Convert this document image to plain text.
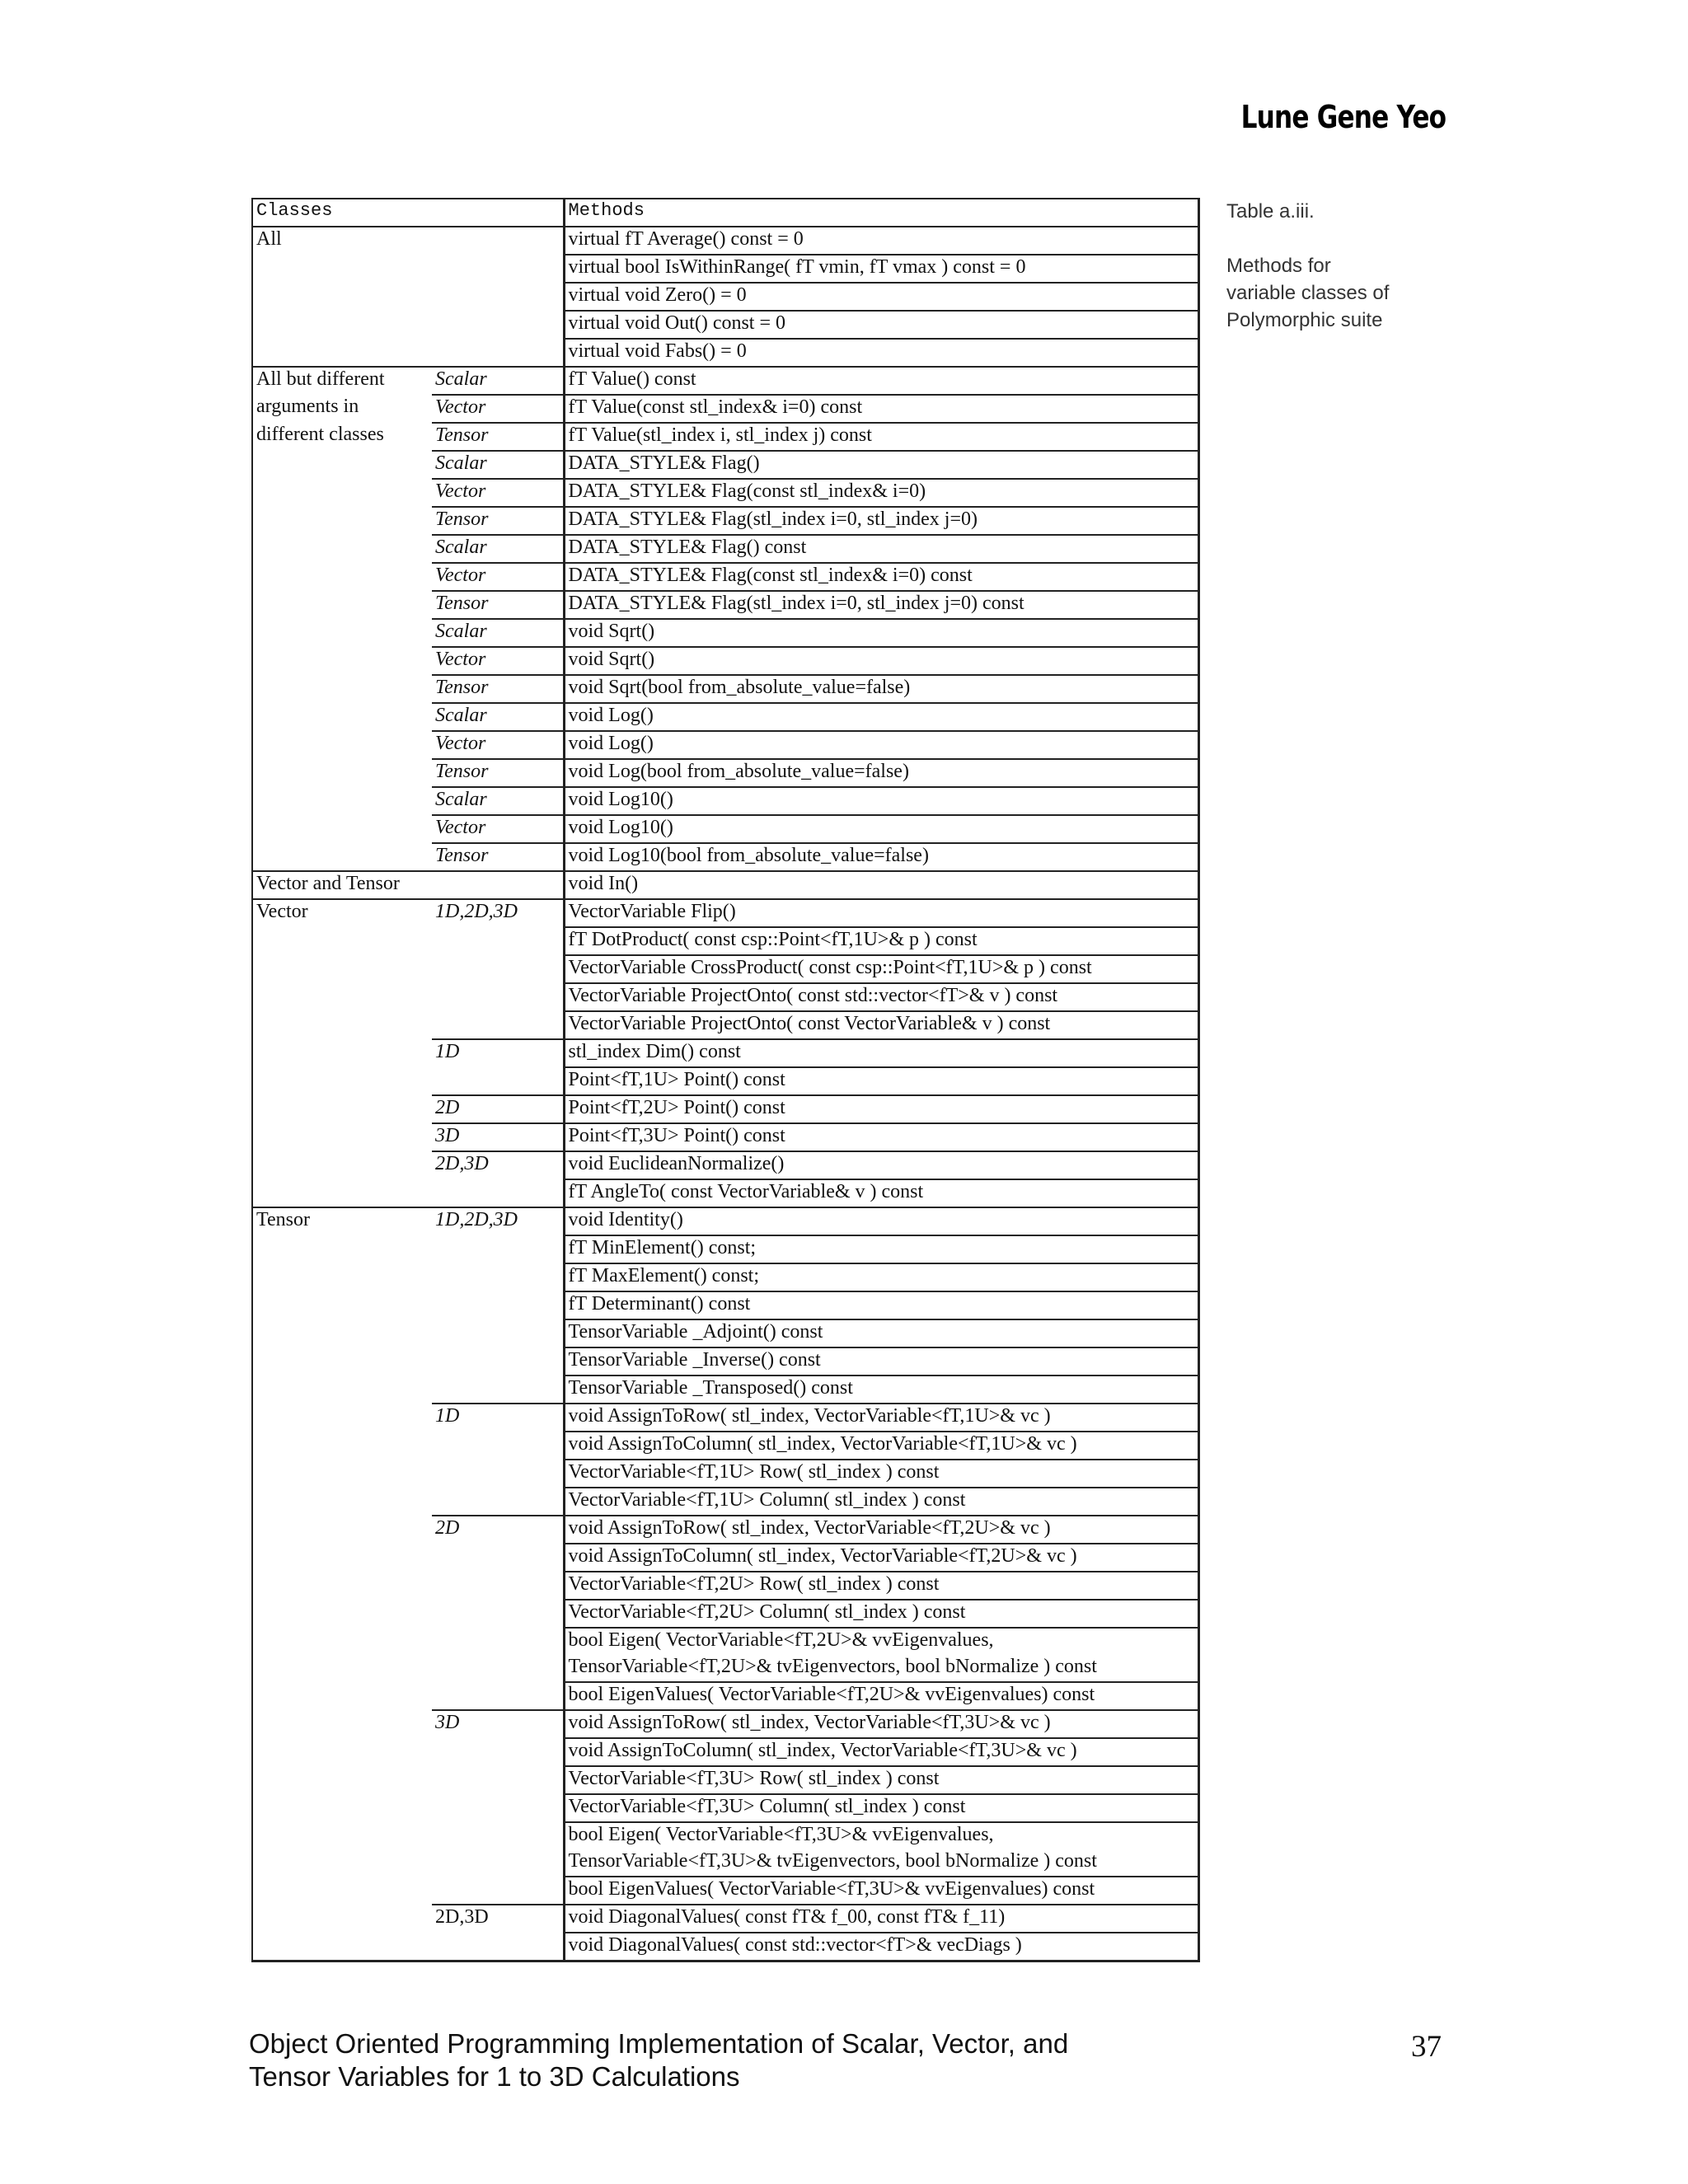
Lune Gene Yeo
Classes		Methods
All		virtual fT Average() const = 0
		virtual bool IsWithinRange( fT vmin, fT vmax ) const = 0
		virtual void Zero() = 0
		virtual void Out() const = 0
		virtual void Fabs() = 0
All but different	Scalar	fT Value() const
arguments in	Vector	fT Value(const stl_index& i=0) const
different classes	Tensor	fT Value(stl_index i, stl_index j) const
	Scalar	DATA_STYLE& Flag()
	Vector	DATA_STYLE& Flag(const stl_index& i=0)
	Tensor	DATA_STYLE& Flag(stl_index i=0, stl_index j=0)
	Scalar	DATA_STYLE& Flag() const
	Vector	DATA_STYLE& Flag(const stl_index& i=0) const
	Tensor	DATA_STYLE& Flag(stl_index i=0, stl_index j=0) const
	Scalar	void Sqrt()
	Vector	void Sqrt()
	Tensor	void Sqrt(bool from_absolute_value=false)
	Scalar	void Log()
	Vector	void Log()
	Tensor	void Log(bool from_absolute_value=false)
	Scalar	void Log10()
	Vector	void Log10()
	Tensor	void Log10(bool from_absolute_value=false)
Vector and Tensor		void In()
Vector	1D,2D,3D	VectorVariable Flip()
		fT DotProduct( const csp::Point<fT,1U>& p ) const
		VectorVariable CrossProduct( const csp::Point<fT,1U>& p ) const
		VectorVariable ProjectOnto( const std::vector<fT>& v ) const
		VectorVariable ProjectOnto( const VectorVariable& v ) const
	1D	stl_index Dim() const
		Point<fT,1U> Point() const
	2D	Point<fT,2U> Point() const
	3D	Point<fT,3U> Point() const
	2D,3D	void EuclideanNormalize()
		fT AngleTo( const VectorVariable& v ) const
Tensor	1D,2D,3D	void Identity()
		fT MinElement() const;
		fT MaxElement() const;
		fT Determinant() const
		TensorVariable _Adjoint() const
		TensorVariable _Inverse() const
		TensorVariable _Transposed() const
	1D	void AssignToRow( stl_index, VectorVariable<fT,1U>& vc )
		void AssignToColumn( stl_index, VectorVariable<fT,1U>& vc )
		VectorVariable<fT,1U> Row( stl_index ) const
		VectorVariable<fT,1U> Column( stl_index ) const
	2D	void AssignToRow( stl_index, VectorVariable<fT,2U>& vc )
		void AssignToColumn( stl_index, VectorVariable<fT,2U>& vc )
		VectorVariable<fT,2U> Row( stl_index ) const
		VectorVariable<fT,2U> Column( stl_index ) const
		bool Eigen( VectorVariable<fT,2U>& vvEigenvalues,
		TensorVariable<fT,2U>& tvEigenvectors, bool bNormalize ) const
		bool EigenValues( VectorVariable<fT,2U>& vvEigenvalues) const
	3D	void AssignToRow( stl_index, VectorVariable<fT,3U>& vc )
		void AssignToColumn( stl_index, VectorVariable<fT,3U>& vc )
		VectorVariable<fT,3U> Row( stl_index ) const
		VectorVariable<fT,3U> Column( stl_index ) const
		bool Eigen( VectorVariable<fT,3U>& vvEigenvalues,
		TensorVariable<fT,3U>& tvEigenvectors, bool bNormalize ) const
		bool EigenValues( VectorVariable<fT,3U>& vvEigenvalues) const
	2D,3D	void DiagonalValues( const fT& f_00, const fT& f_11)
		void DiagonalValues( const std::vector<fT>& vecDiags )
Table a.iii.
Methods for variable classes of Polymorphic suite
Object Oriented Programming Implementation of Scalar, Vector, and
Tensor Variables for 1 to 3D Calculations
37
